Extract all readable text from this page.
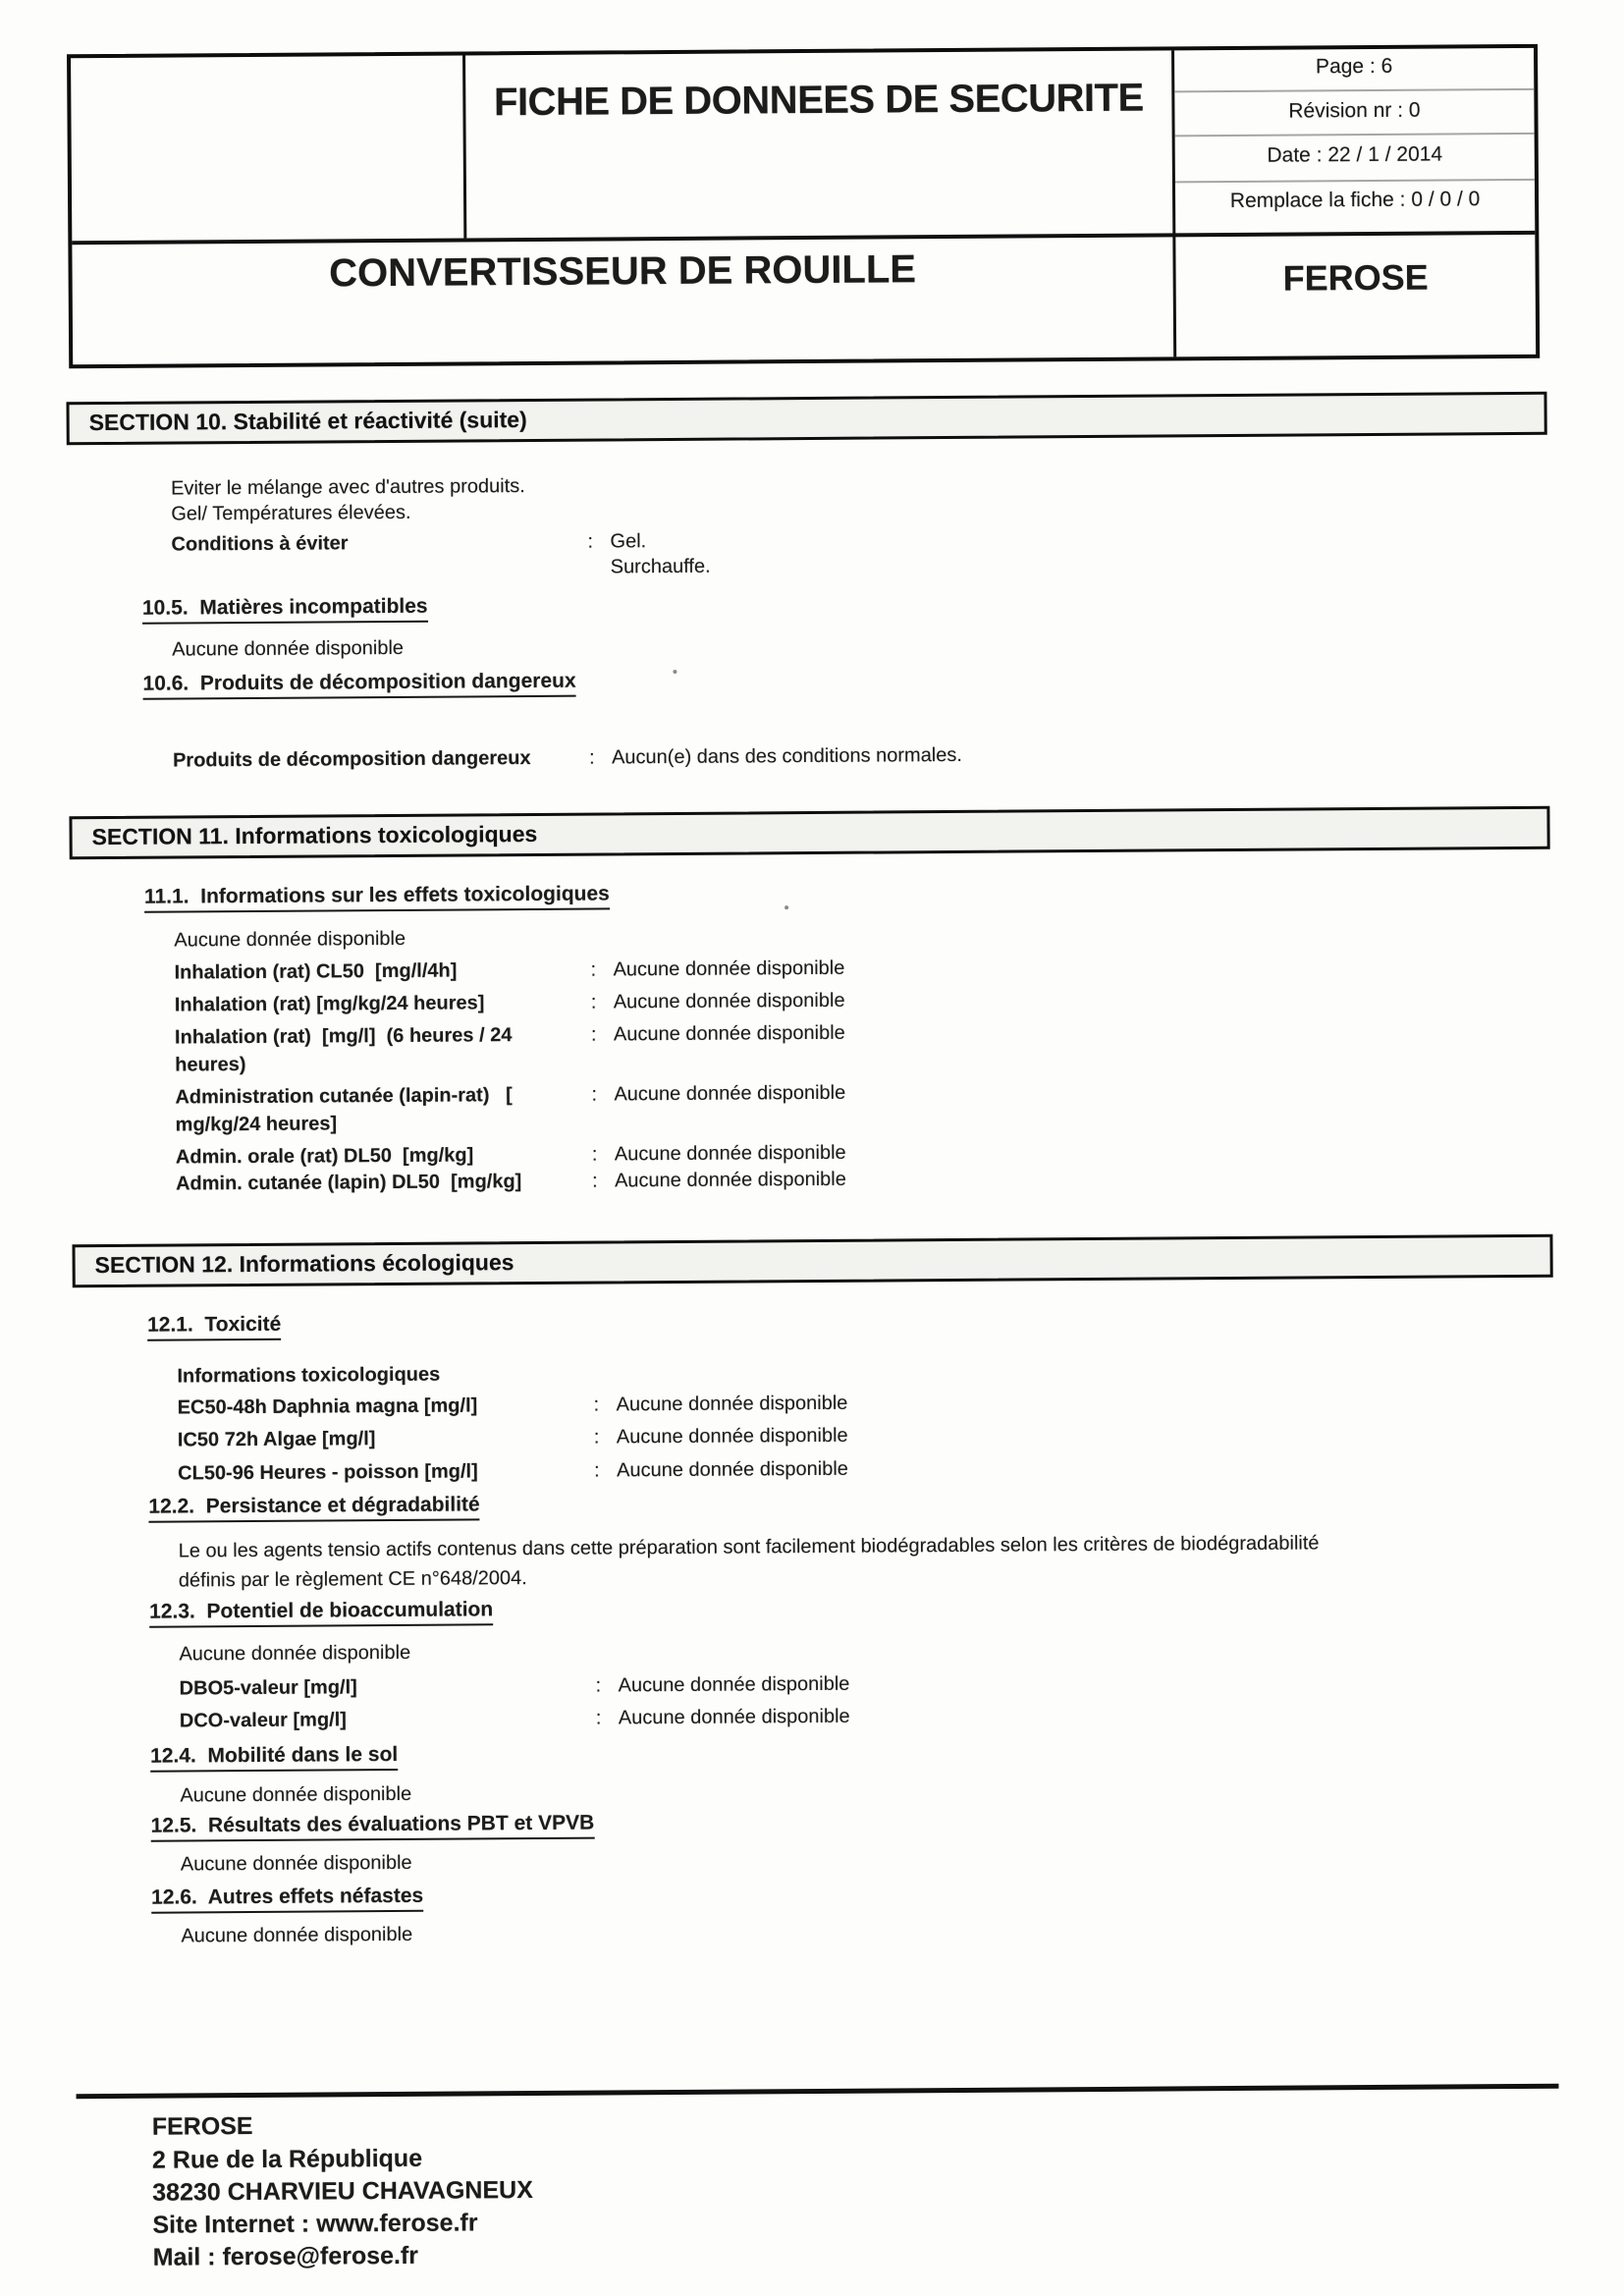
FICHE DE DONNEES DE SECURITE
Page : 6
Révision nr : 0
Date : 22 / 1 / 2014
Remplace la fiche : 0 / 0 / 0
CONVERTISSEUR DE ROUILLE	FEROSE
SECTION 10. Stabilité et réactivité (suite)
Eviter le mélange avec d'autres produits.
Gel/ Températures élevées.
Conditions à éviter	: Gel.
Surchauffe.
10.5.  Matières incompatibles
Aucune donnée disponible
10.6.  Produits de décomposition dangereux
Produits de décomposition dangereux	: Aucun(e) dans des conditions normales.
SECTION 11. Informations toxicologiques
11.1.  Informations sur les effets toxicologiques
Aucune donnée disponible
Inhalation (rat) CL50  [mg/l/4h]	: Aucune donnée disponible
Inhalation (rat) [mg/kg/24 heures]	: Aucune donnée disponible
Inhalation (rat)  [mg/l]  (6 heures / 24
heures)
: Aucune donnée disponible
Administration cutanée (lapin-rat)   [
mg/kg/24 heures]
: Aucune donnée disponible
Admin. orale (rat) DL50  [mg/kg]	: Aucune donnée disponible
Admin. cutanée (lapin) DL50  [mg/kg]	: Aucune donnée disponible
SECTION 12. Informations écologiques
12.1.  Toxicité
Informations toxicologiques
EC50-48h Daphnia magna [mg/l]	: Aucune donnée disponible
IC50 72h Algae [mg/l]	: Aucune donnée disponible
CL50-96 Heures - poisson [mg/l]	: Aucune donnée disponible
12.2.  Persistance et dégradabilité
Le ou les agents tensio actifs contenus dans cette préparation sont facilement biodégradables selon les critères de biodégradabilité
définis par le règlement CE n°648/2004.
12.3.  Potentiel de bioaccumulation
Aucune donnée disponible
DBO5-valeur [mg/l]	: Aucune donnée disponible
DCO-valeur [mg/l]	: Aucune donnée disponible
12.4.  Mobilité dans le sol
Aucune donnée disponible
12.5.  Résultats des évaluations PBT et VPVB
Aucune donnée disponible
12.6.  Autres effets néfastes
Aucune donnée disponible
FEROSE
2 Rue de la République
38230 CHARVIEU CHAVAGNEUX
Site Internet : www.ferose.fr
Mail : ferose@ferose.fr
